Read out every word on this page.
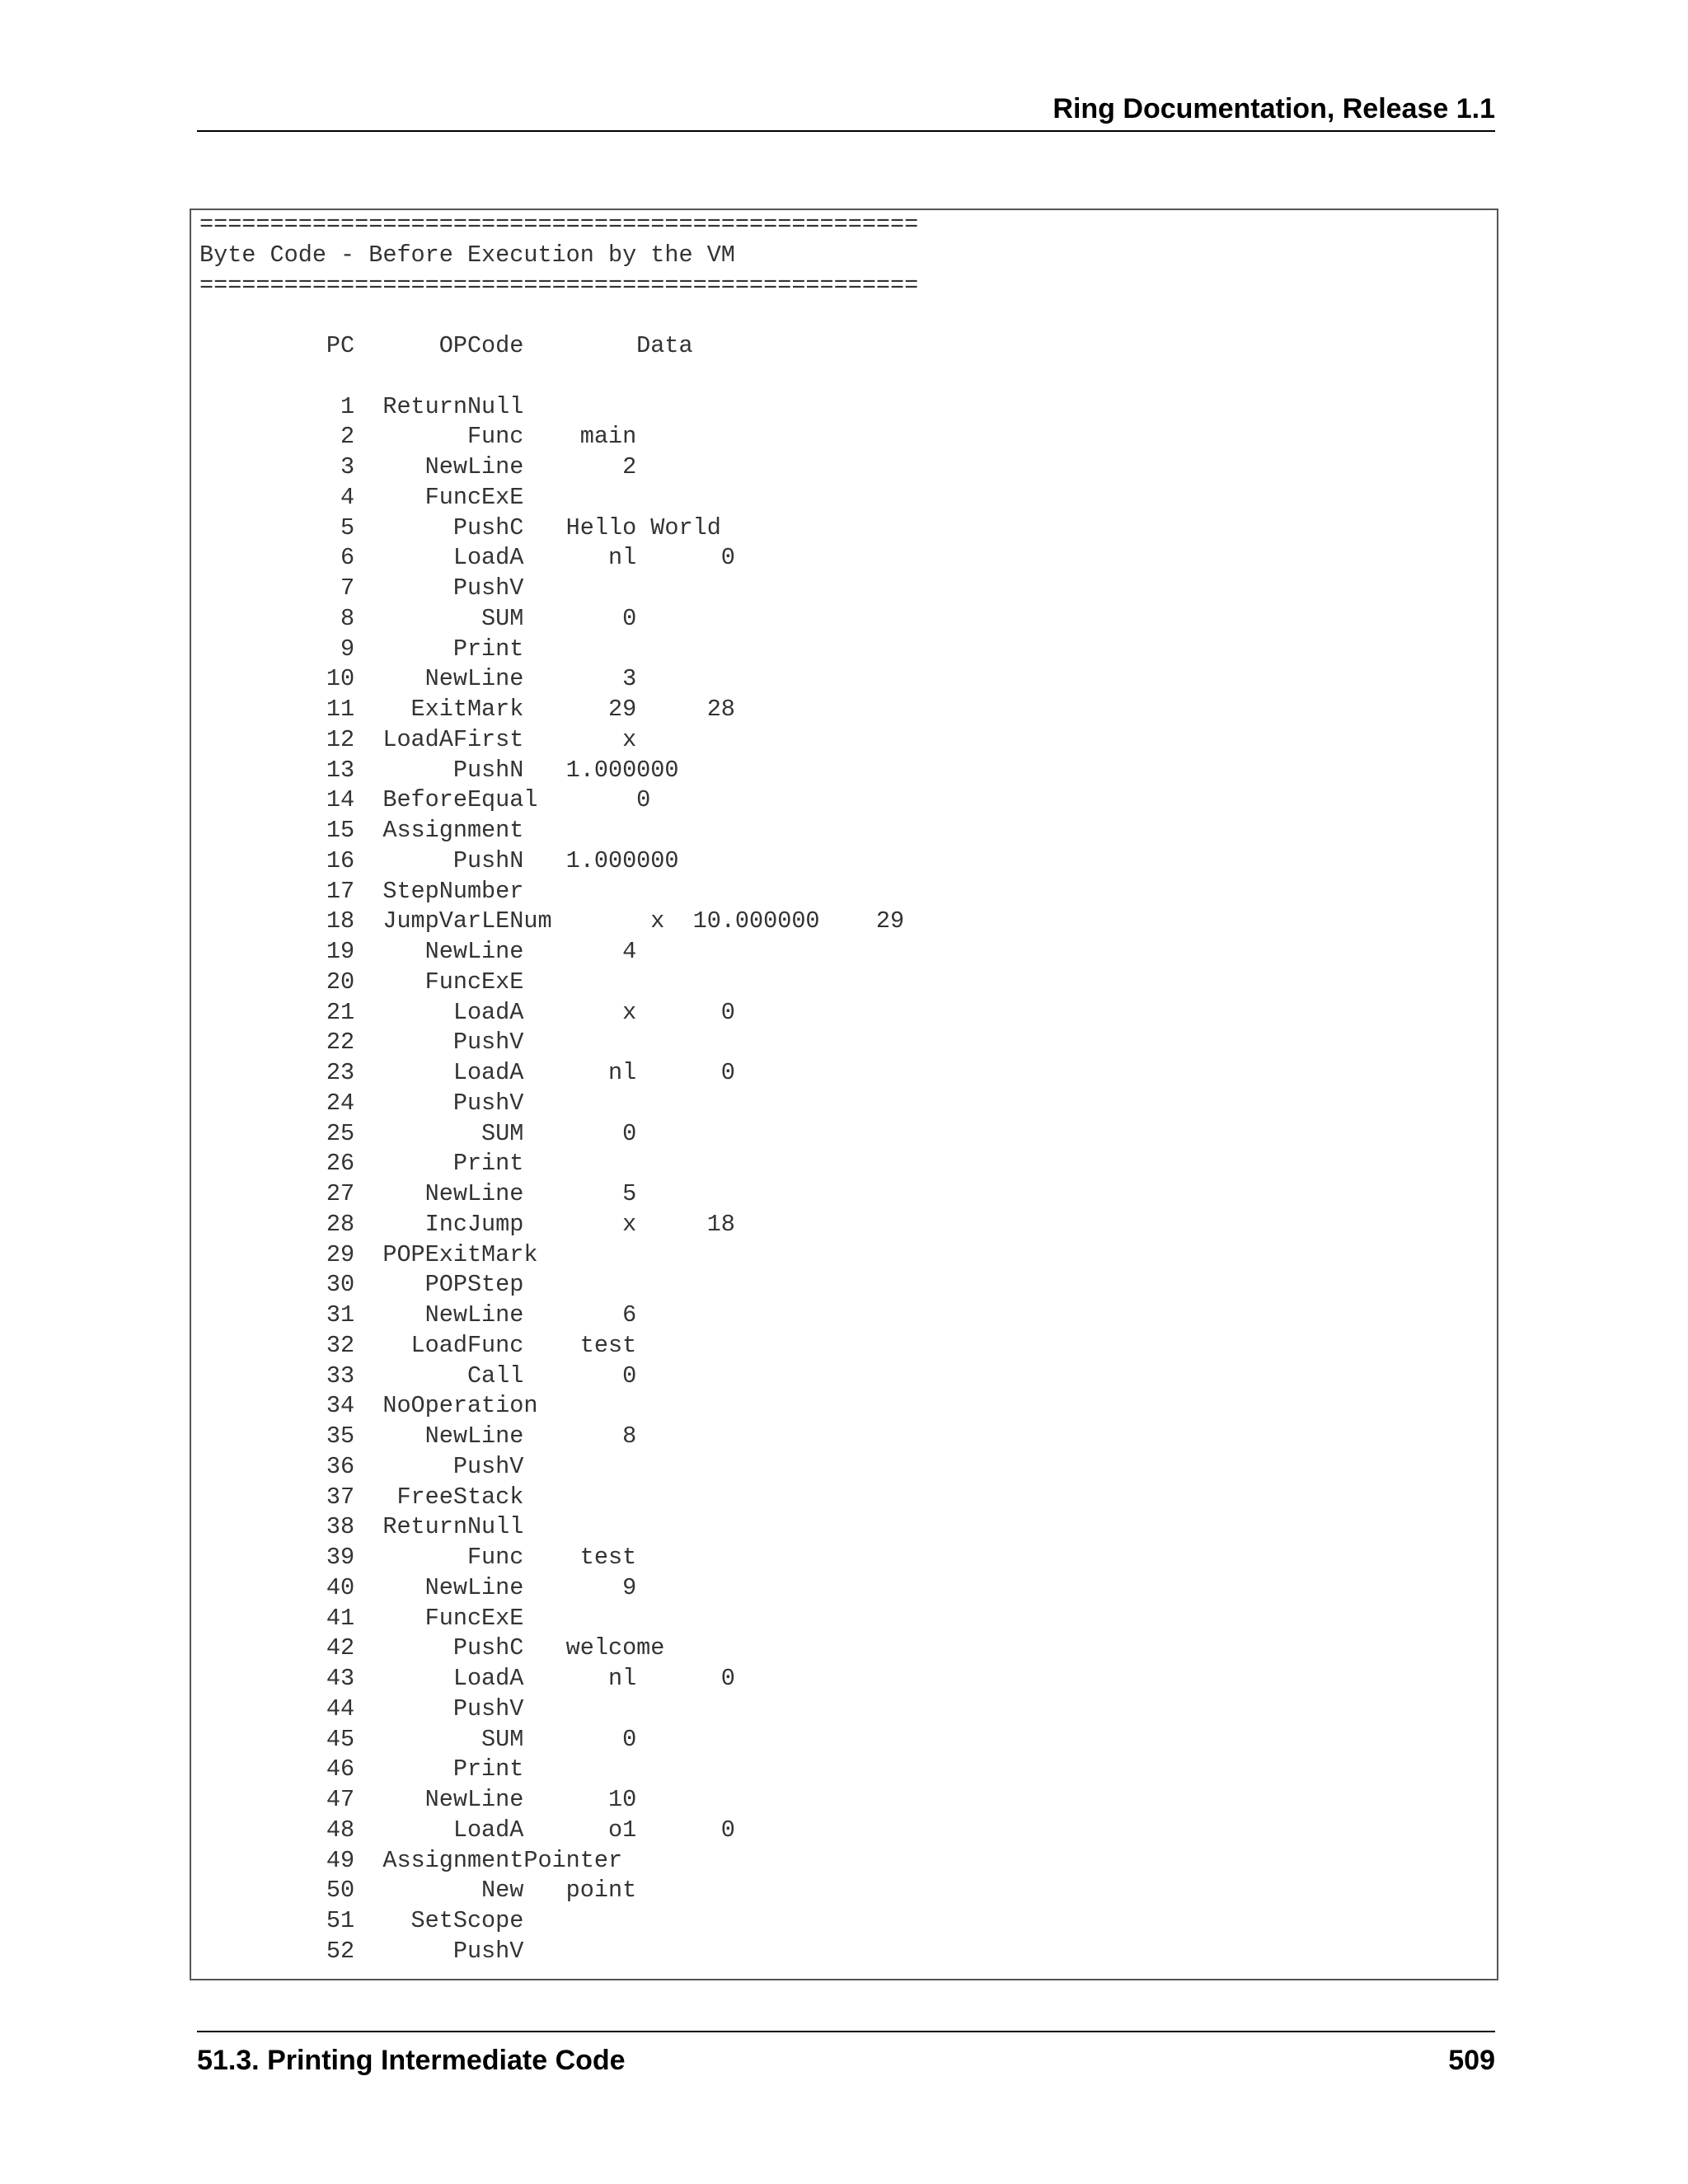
Ring Documentation, Release 1.1
===================================================
Byte Code - Before Execution by the VM
===================================================
PC      OPCode        Data
1  ReturnNull
2        Func    main
3     NewLine       2
4     FuncExE
5       PushC   Hello World
6       LoadA      nl      0
7       PushV
8         SUM       0
9       Print
10     NewLine       3
11    ExitMark      29     28
12  LoadAFirst       x
13       PushN   1.000000
14  BeforeEqual       0
15  Assignment
16       PushN   1.000000
17  StepNumber
18  JumpVarLENum       x  10.000000    29
19     NewLine       4
20     FuncExE
21       LoadA       x      0
22       PushV
23       LoadA      nl      0
24       PushV
25         SUM       0
26       Print
27     NewLine       5
28     IncJump       x     18
29  POPExitMark
30     POPStep
31     NewLine       6
32    LoadFunc    test
33        Call       0
34  NoOperation
35     NewLine       8
36       PushV
37   FreeStack
38  ReturnNull
39        Func    test
40     NewLine       9
41     FuncExE
42       PushC   welcome
43       LoadA      nl      0
44       PushV
45         SUM       0
46       Print
47     NewLine      10
48       LoadA      o1      0
49  AssignmentPointer
50         New   point
51    SetScope
52       PushV
51.3. Printing Intermediate Code	509
